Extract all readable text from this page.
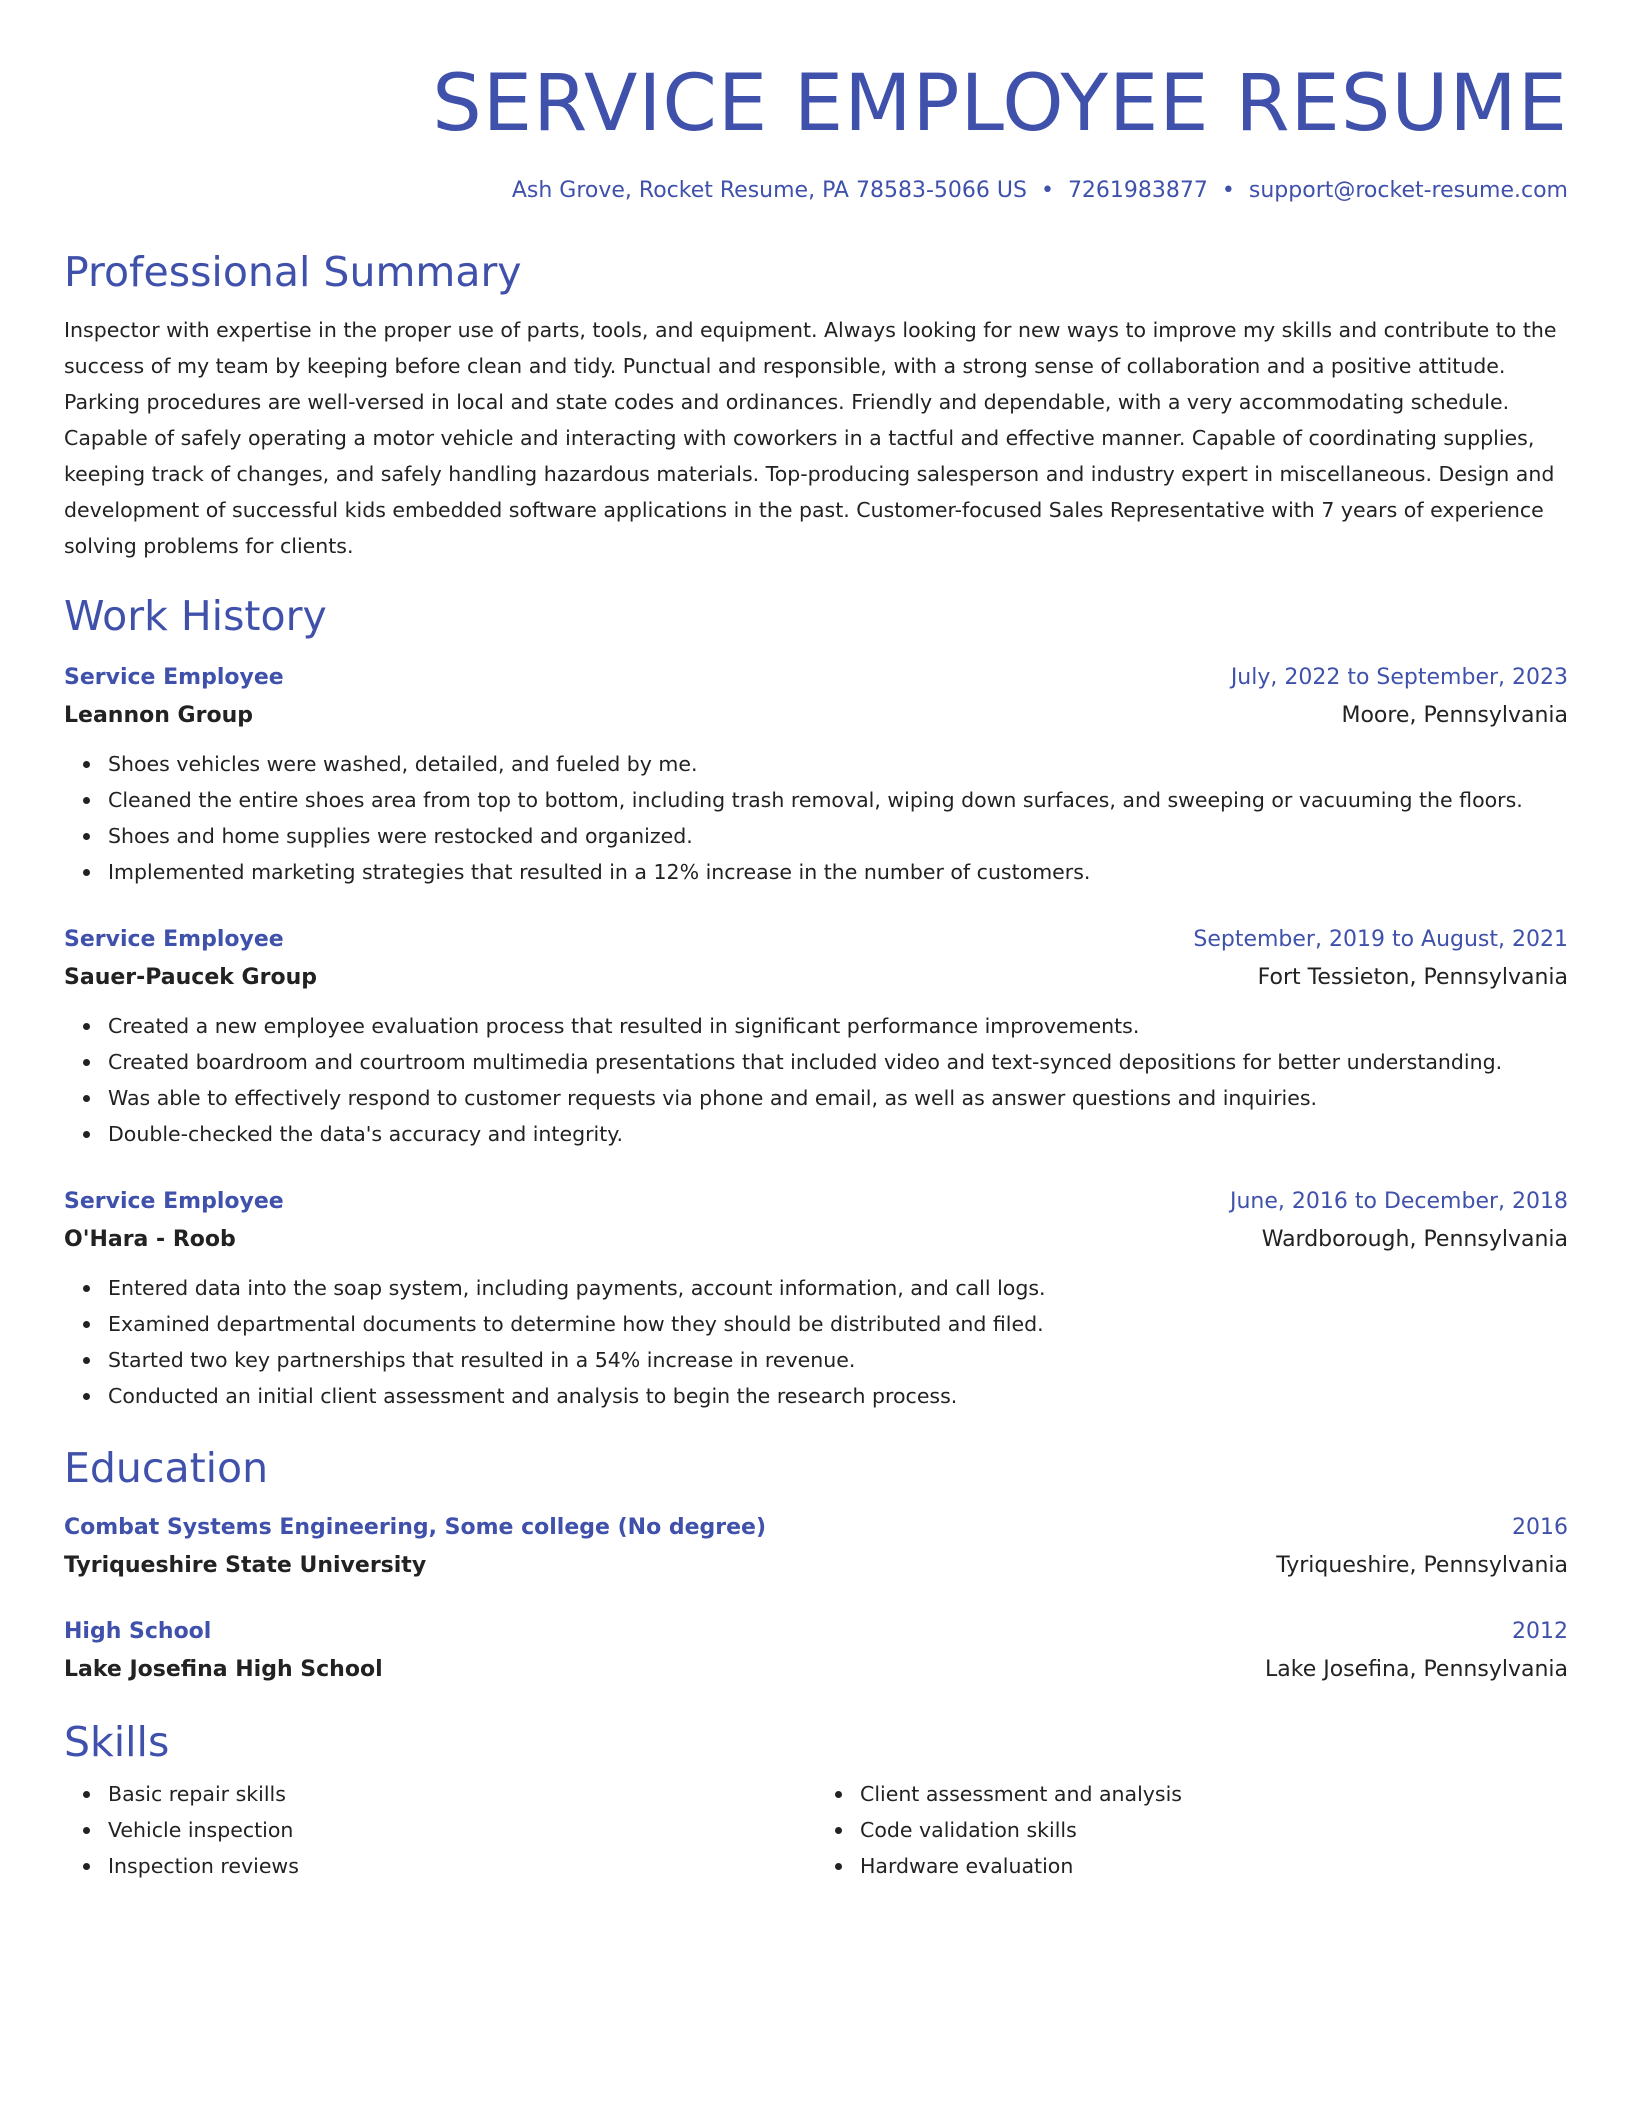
SERVICE EMPLOYEE RESUME
Ash Grove, Rocket Resume, PA 78583-5066 US • 7261983877 • support@rocket-resume.com
Professional Summary
Inspector with expertise in the proper use of parts, tools, and equipment. Always looking for new ways to improve my skills and contribute to the success of my team by keeping before clean and tidy. Punctual and responsible, with a strong sense of collaboration and a positive attitude. Parking procedures are well-versed in local and state codes and ordinances. Friendly and dependable, with a very accommodating schedule. Capable of safely operating a motor vehicle and interacting with coworkers in a tactful and effective manner. Capable of coordinating supplies, keeping track of changes, and safely handling hazardous materials. Top-producing salesperson and industry expert in miscellaneous. Design and development of successful kids embedded software applications in the past. Customer-focused Sales Representative with 7 years of experience solving problems for clients.
Work History
Service Employee	July, 2022 to September, 2023
Leannon Group	Moore, Pennsylvania
Shoes vehicles were washed, detailed, and fueled by me.
Cleaned the entire shoes area from top to bottom, including trash removal, wiping down surfaces, and sweeping or vacuuming the floors.
Shoes and home supplies were restocked and organized.
Implemented marketing strategies that resulted in a 12% increase in the number of customers.
Service Employee	September, 2019 to August, 2021
Sauer-Paucek Group	Fort Tessieton, Pennsylvania
Created a new employee evaluation process that resulted in significant performance improvements.
Created boardroom and courtroom multimedia presentations that included video and text-synced depositions for better understanding.
Was able to effectively respond to customer requests via phone and email, as well as answer questions and inquiries.
Double-checked the data's accuracy and integrity.
Service Employee	June, 2016 to December, 2018
O'Hara - Roob	Wardborough, Pennsylvania
Entered data into the soap system, including payments, account information, and call logs.
Examined departmental documents to determine how they should be distributed and filed.
Started two key partnerships that resulted in a 54% increase in revenue.
Conducted an initial client assessment and analysis to begin the research process.
Education
Combat Systems Engineering, Some college (No degree)	2016
Tyriqueshire State University	Tyriqueshire, Pennsylvania
High School	2012
Lake Josefina High School	Lake Josefina, Pennsylvania
Skills
Basic repair skills
Vehicle inspection
Inspection reviews
Client assessment and analysis
Code validation skills
Hardware evaluation
